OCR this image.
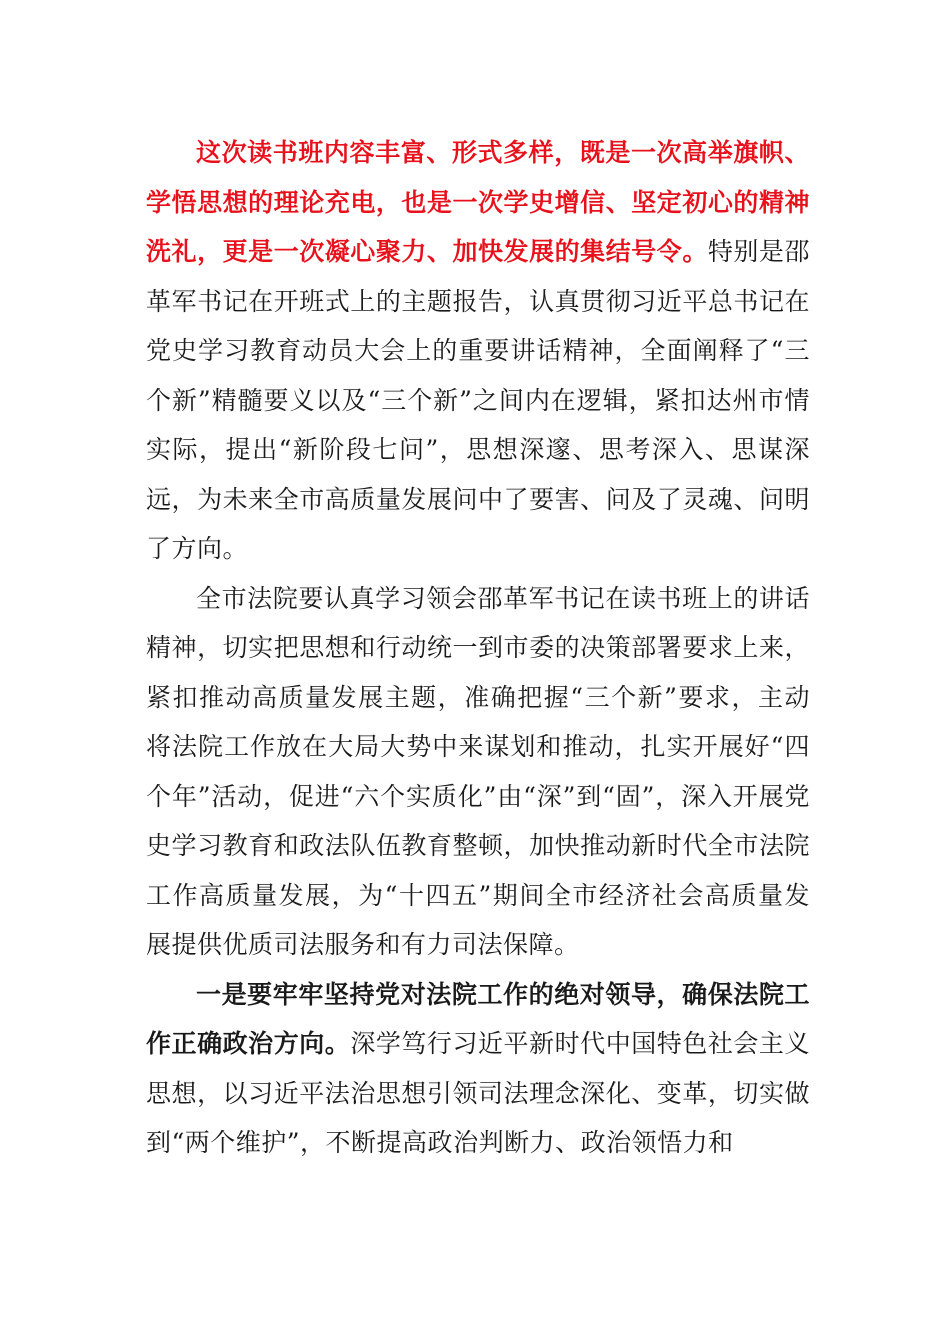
这次读书班内容丰富、形式多样，既是一次高举旗帜、学悟思想的理论充电，也是一次学史增信、坚定初心的精神洗礼，更是一次凝心聚力、加快发展的集结号令。特别是邵革军书记在开班式上的主题报告，认真贯彻习近平总书记在党史学习教育动员大会上的重要讲话精神，全面阐释了“三个新”精髓要义以及“三个新”之间内在逻辑，紧扣达州市情实际，提出“新阶段七问”，思想深邃、思考深入、思谋深远，为未来全市高质量发展问中了要害、问及了灵魂、问明了方向。

全市法院要认真学习领会邵革军书记在读书班上的讲话精神，切实把思想和行动统一到市委的决策部署要求上来，紧扣推动高质量发展主题，准确把握“三个新”要求，主动将法院工作放在大局大势中来谋划和推动，扎实开展好“四个年”活动，促进“六个实质化”由“深”到“固”，深入开展党史学习教育和政法队伍教育整顿，加快推动新时代全市法院工作高质量发展，为“十四五”期间全市经济社会高质量发展提供优质司法服务和有力司法保障。

一是要牢牢坚持党对法院工作的绝对领导，确保法院工作正确政治方向。深学笃行习近平新时代中国特色社会主义思想，以习近平法治思想引领司法理念深化、变革，切实做到“两个维护”，不断提高政治判断力、政治领悟力和
